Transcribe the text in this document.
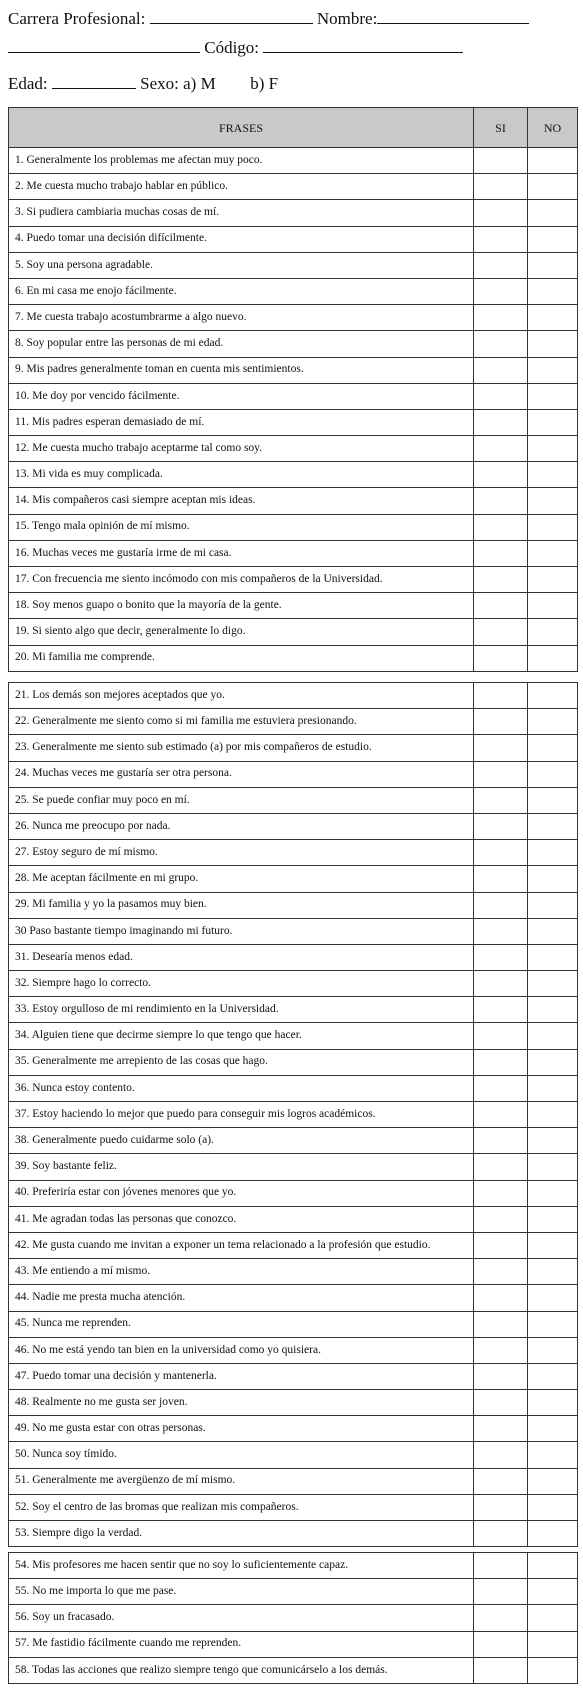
Carrera Profesional:	Nombre:
Código:
Edad:	Sexo: a) M b) F
FRASES	SI	NO
1. Generalmente los problemas me afectan muy poco.		
2. Me cuesta mucho trabajo hablar en público.		
3. Si pudiera cambiaria muchas cosas de mí.		
4. Puedo tomar una decisión difícilmente.		
5. Soy una persona agradable.		
6. En mi casa me enojo fácilmente.		
7. Me cuesta trabajo acostumbrarme a algo nuevo.		
8. Soy popular entre las personas de mi edad.		
9. Mis padres generalmente toman en cuenta mis sentimientos.		
10. Me doy por vencido fácilmente.		
11. Mis padres esperan demasiado de mí.		
12. Me cuesta mucho trabajo aceptarme tal como soy.		
13. Mi vida es muy complicada.		
14. Mis compañeros casi siempre aceptan mis ideas.		
15. Tengo mala opinión de mí mismo.		
16. Muchas veces me gustaría irme de mi casa.		
17. Con frecuencia me siento incómodo con mis compañeros de la Universidad.		
18. Soy menos guapo o bonito que la mayoría de la gente.		
19. Si siento algo que decir, generalmente lo digo.		
20. Mi familia me comprende.		
21. Los demás son mejores aceptados que yo.		
22. Generalmente me siento como si mi familia me estuviera presionando.		
23. Generalmente me siento sub estimado (a) por mis compañeros de estudio.		
24. Muchas veces me gustaría ser otra persona.		
25. Se puede confiar muy poco en mí.		
26. Nunca me preocupo por nada.		
27. Estoy seguro de mí mismo.		
28. Me aceptan fácilmente en mi grupo.		
29. Mi familia y yo la pasamos muy bien.		
30 Paso bastante tiempo imaginando mi futuro.		
31. Desearía menos edad.		
32. Siempre hago lo correcto.		
33. Estoy orgulloso de mi rendimiento en la Universidad.		
34. Alguien tiene que decirme siempre lo que tengo que hacer.		
35. Generalmente me arrepiento de las cosas que hago.		
36. Nunca estoy contento.		
37. Estoy haciendo lo mejor que puedo para conseguir mis logros académicos.		
38. Generalmente puedo cuidarme solo (a).		
39. Soy bastante feliz.		
40. Preferiría estar con jóvenes menores que yo.		
41. Me agradan todas las personas que conozco.		
42. Me gusta cuando me invitan a exponer un tema relacionado a la profesión que estudio.		
43. Me entiendo a mí mismo.		
44. Nadie me presta mucha atención.		
45. Nunca me reprenden.		
46. No me está yendo tan bien en la universidad como yo quisiera.		
47. Puedo tomar una decisión y mantenerla.		
48. Realmente no me gusta ser joven.		
49. No me gusta estar con otras personas.		
50. Nunca soy tímido.		
51. Generalmente me avergüenzo de mí mismo.		
52. Soy el centro de las bromas que realizan mis compañeros.		
53. Siempre digo la verdad.		
54. Mis profesores me hacen sentir que no soy lo suficientemente capaz.		
55. No me importa lo que me pase.		
56. Soy un fracasado.		
57. Me fastidio fácilmente cuando me reprenden.		
58. Todas las acciones que realizo siempre tengo que comunicárselo a los demás.		
